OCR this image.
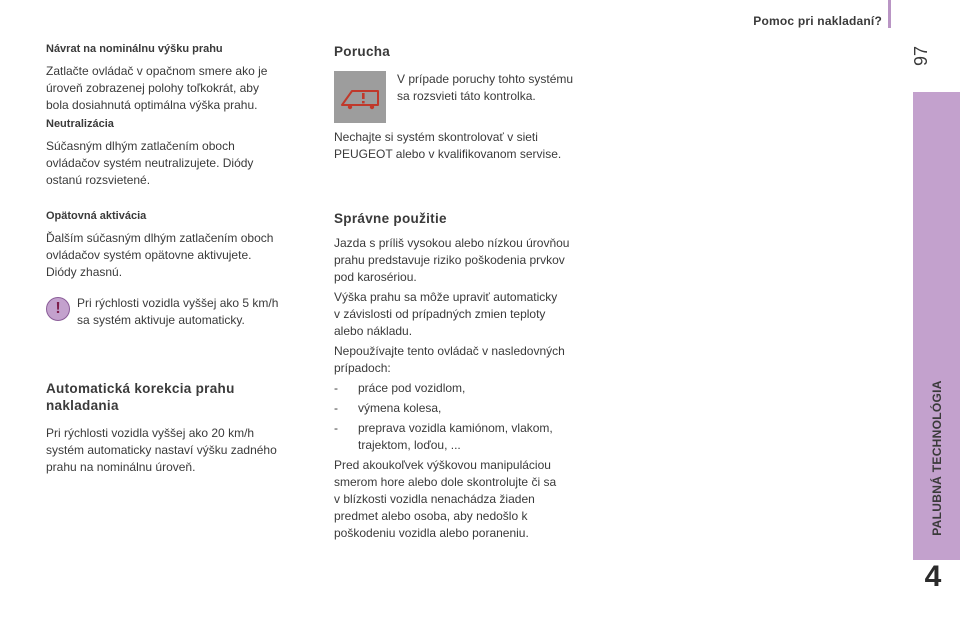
Pomoc pri nakladaní?
97
PALUBNÁ TECHNOLÓGIA
4
Návrat na nominálnu výšku prahu

Zatlačte ovládač v opačnom smere ako je

úroveň zobrazenej polohy toľkokrát, aby

bola dosiahnutá optimálna výška prahu.

Neutralizácia

Súčasným dlhým zatlačením oboch

ovládačov systém neutralizujete. Diódy

ostanú rozsvietené.

Opätovná aktivácia

Ďalším súčasným dlhým zatlačením oboch

ovládačov systém opätovne aktivujete.

Diódy zhasnú.

! Pri rýchlosti vozidla vyššej ako 5 km/h

sa systém aktivuje automaticky.

Automatická korekcia prahu
nakladania

Pri rýchlosti vozidla vyššej ako 20 km/h

systém automaticky nastaví výšku zadného

prahu na nominálnu úroveň.

Porucha

V prípade poruchy tohto systému

sa rozsvieti táto kontrolka.

Nechajte si systém skontrolovať v sieti

PEUGEOT alebo v kvalifikovanom servise.

Správne použitie

Jazda s príliš vysokou alebo nízkou úrovňou

prahu predstavuje riziko poškodenia prvkov

pod karosériou.

Výška prahu sa môže upraviť automaticky

v závislosti od prípadných zmien teploty

alebo nákladu.

Nepoužívajte tento ovládač v nasledovných

prípadoch:

- práce pod vozidlom,
- výmena kolesa,
- preprava vozidla kamiónom, vlakom,
trajektom, loďou, ...

Pred akoukoľvek výškovou manipuláciou

smerom hore alebo dole skontrolujte či sa

v blízkosti vozidla nenachádza žiaden

predmet alebo osoba, aby nedošlo k

poškodeniu vozidla alebo poraneniu.
